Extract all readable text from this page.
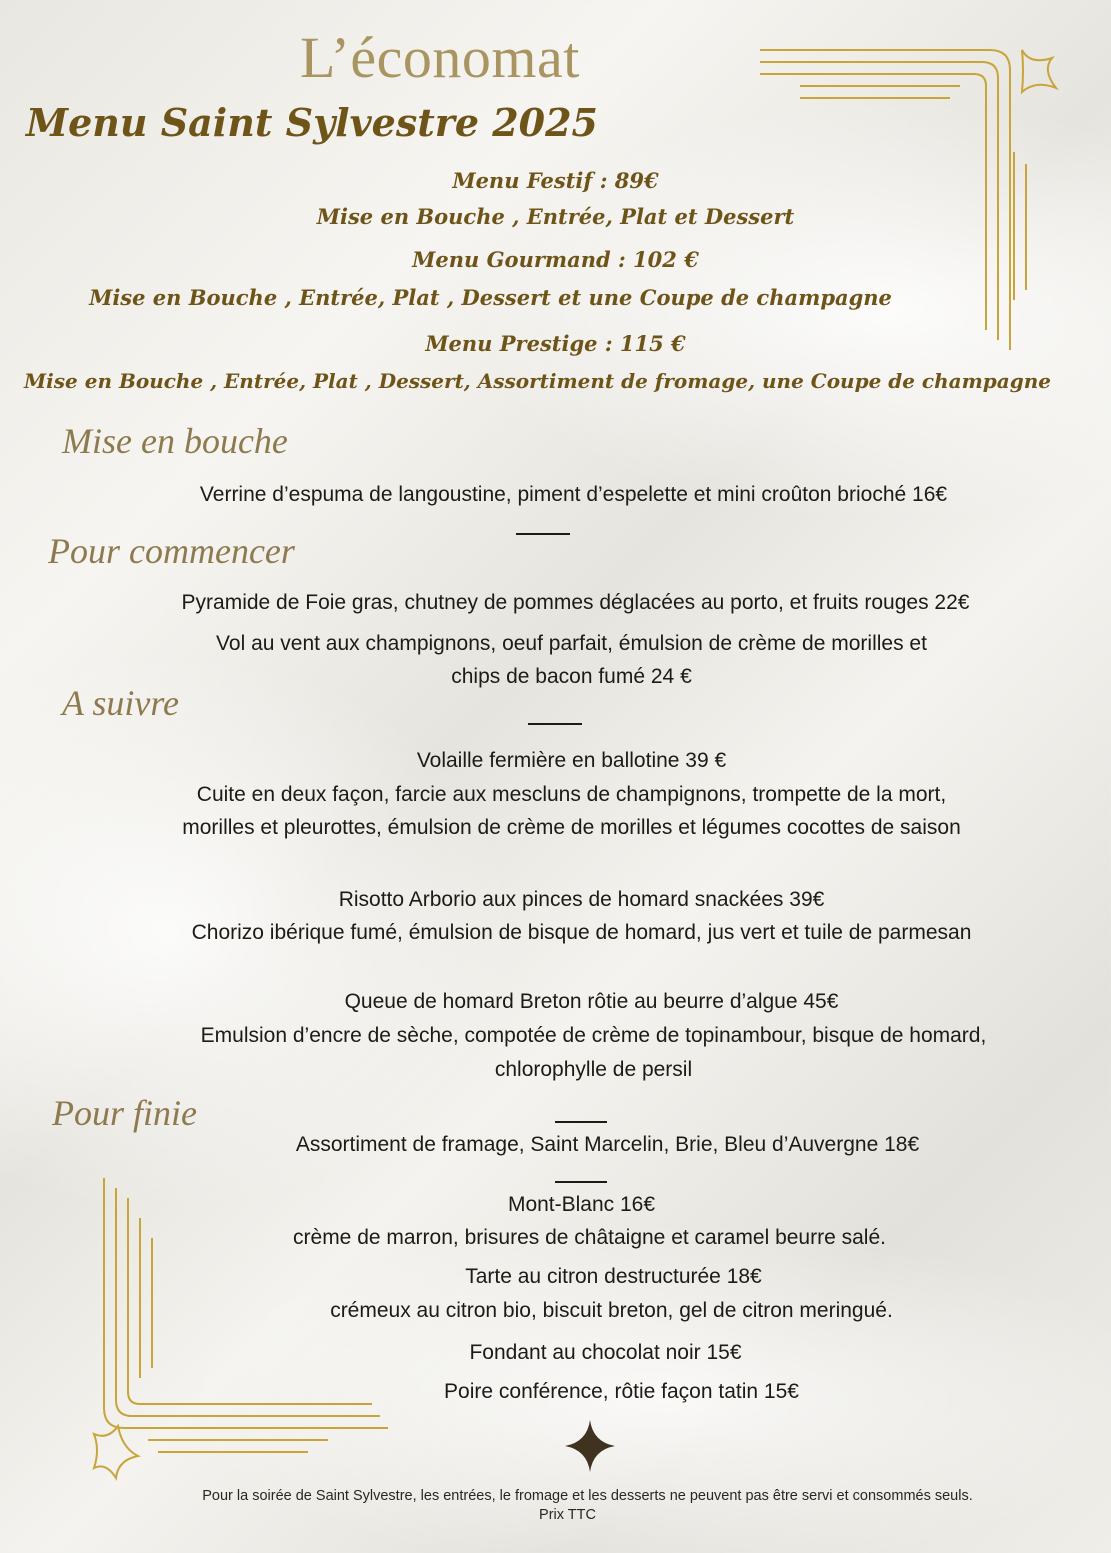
L’économat
Menu Saint Sylvestre 2025
Menu Festif : 89€
Mise en Bouche , Entrée, Plat et Dessert
Menu Gourmand : 102 €
Mise en Bouche , Entrée, Plat , Dessert et une Coupe de champagne
Menu Prestige : 115 €
Mise en Bouche , Entrée, Plat , Dessert, Assortiment de fromage, une Coupe de champagne
Mise en bouche
Verrine d’espuma de langoustine, piment d’espelette et mini croûton brioché 16€
Pour commencer
Pyramide de Foie gras, chutney de pommes déglacées au porto, et fruits rouges 22€
Vol au vent aux champignons, oeuf parfait, émulsion de crème de morilles et
chips de bacon fumé 24 €
A suivre
Volaille fermière en ballotine 39 €
Cuite en deux façon, farcie aux mescluns de champignons, trompette de la mort,
morilles et pleurottes, émulsion de crème de morilles et légumes cocottes de saison
Risotto Arborio aux pinces de homard snackées 39€
Chorizo ibérique fumé, émulsion de bisque de homard, jus vert et tuile de parmesan
Queue de homard Breton rôtie au beurre d’algue 45€
Emulsion d’encre de sèche, compotée de crème de topinambour, bisque de homard,
chlorophylle de persil
Pour finie
Assortiment de framage, Saint Marcelin, Brie, Bleu d’Auvergne 18€
Mont-Blanc 16€
crème de marron, brisures de châtaigne et caramel beurre salé.
Tarte au citron destructurée 18€
crémeux au citron bio, biscuit breton, gel de citron meringué.
Fondant au chocolat noir 15€
Poire conférence, rôtie façon tatin 15€
Pour la soirée de Saint Sylvestre, les entrées, le fromage et les desserts ne peuvent pas être servi et consommés seuls.
Prix TTC
